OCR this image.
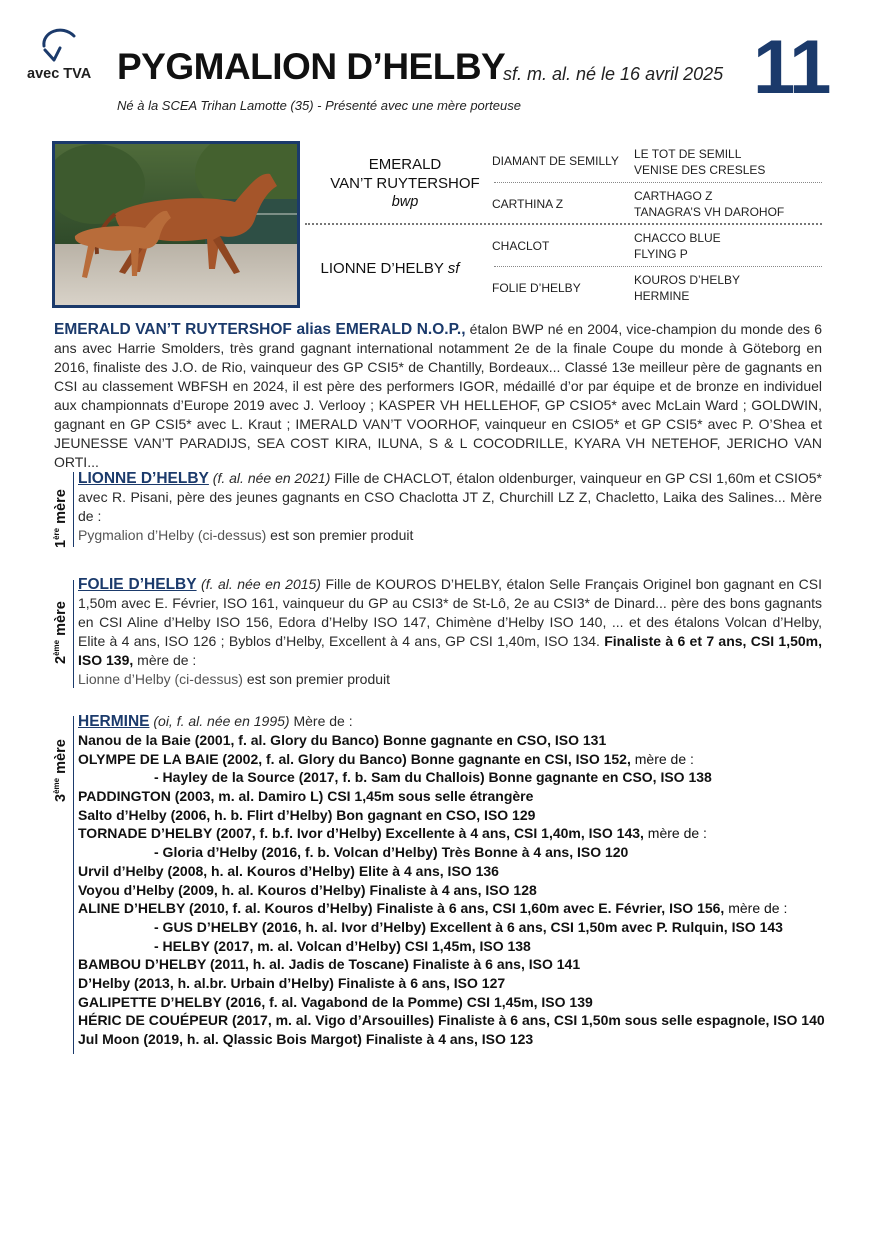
avec TVA PYGMALION D’HELBY
sf. m. al. né le 16 avril 2025 11
Né à la SCEA Trihan Lamotte (35) - Présenté avec une mère porteuse
EMERALD
VAN’T RUYTERSHOF
bwp
LIONNE D’HELBY sf
DIAMANT DE SEMILLY
CARTHINA Z
CHACLOT
FOLIE D’HELBY
LE TOT DE SEMILL
VENISE DES CRESLES
CARTHAGO Z
TANAGRA’S VH DAROHOF
CHACCO BLUE
FLYING P
KOUROS D’HELBY
HERMINE
EMERALD VAN’T RUYTERSHOF alias EMERALD N.O.P., étalon BWP né en 2004, vice-champion du monde des 6 ans avec Harrie Smolders, très grand gagnant international notamment 2e de la finale Coupe du monde à Göteborg en 2016, finaliste des J.O. de Rio, vainqueur des GP CSI5* de Chantilly, Bordeaux... Classé 13e meilleur père de gagnants en CSI au classement WBFSH en 2024, il est père des performers IGOR, médaillé d’or par équipe et de bronze en individuel aux championnats d’Europe 2019 avec J. Verlooy ; KASPER VH HELLEHOF, GP CSIO5* avec McLain Ward ; GOLDWIN, gagnant en GP CSI5* avec L. Kraut ; IMERALD VAN’T VOORHOF, vainqueur en CSIO5* et GP CSI5* avec P. O’Shea et JEUNESSE VAN’T PARADIJS, SEA COST KIRA, ILUNA, S & L COCODRILLE, KYARA VH NETEHOF, JERICHO VAN ORTI...
1ère mère
LIONNE D’HELBY (f. al. née en 2021) Fille de CHACLOT, étalon oldenburger, vainqueur en GP CSI 1,60m et CSIO5* avec R. Pisani, père des jeunes gagnants en CSO Chaclotta JT Z, Churchill LZ Z, Chacletto, Laika des Salines... Mère de :
Pygmalion d’Helby (ci-dessus) est son premier produit
2ème mère
FOLIE D’HELBY (f. al. née en 2015) Fille de KOUROS D’HELBY, étalon Selle Français Originel bon gagnant en CSI 1,50m avec E. Février, ISO 161, vainqueur du GP au CSI3* de St-Lô, 2e au CSI3* de Dinard... père des bons gagnants en CSI Aline d’Helby ISO 156, Edora d’Helby ISO 147, Chimène d’Helby ISO 140, ... et des étalons Volcan d’Helby, Elite à 4 ans, ISO 126 ; Byblos d’Helby, Excellent à 4 ans, GP CSI 1,40m, ISO 134. Finaliste à 6 et 7 ans, CSI 1,50m, ISO 139, mère de :
Lionne d’Helby (ci-dessus) est son premier produit
3ème mère
HERMINE (oi, f. al. née en 1995) Mère de :
Nanou de la Baie (2001, f. al. Glory du Banco) Bonne gagnante en CSO, ISO 131
OLYMPE DE LA BAIE (2002, f. al. Glory du Banco) Bonne gagnante en CSI, ISO 152, mère de :
- Hayley de la Source (2017, f. b. Sam du Challois) Bonne gagnante en CSO, ISO 138
PADDINGTON (2003, m. al. Damiro L) CSI 1,45m sous selle étrangère
Salto d’Helby (2006, h. b. Flirt d’Helby) Bon gagnant en CSO, ISO 129
TORNADE D’HELBY (2007, f. b.f. Ivor d’Helby) Excellente à 4 ans, CSI 1,40m, ISO 143, mère de :
- Gloria d’Helby (2016, f. b. Volcan d’Helby) Très Bonne à 4 ans, ISO 120
Urvil d’Helby (2008, h. al. Kouros d’Helby) Elite à 4 ans, ISO 136
Voyou d’Helby (2009, h. al. Kouros d’Helby) Finaliste à 4 ans, ISO 128
ALINE D’HELBY (2010, f. al. Kouros d’Helby) Finaliste à 6 ans, CSI 1,60m avec E. Février, ISO 156, mère de :
- GUS D’HELBY (2016, h. al. Ivor d’Helby) Excellent à 6 ans, CSI 1,50m avec P. Rulquin, ISO 143
- HELBY (2017, m. al. Volcan d’Helby) CSI 1,45m, ISO 138
BAMBOU D’HELBY (2011, h. al. Jadis de Toscane) Finaliste à 6 ans, ISO 141
D’Helby (2013, h. al.br. Urbain d’Helby) Finaliste à 6 ans, ISO 127
GALIPETTE D’HELBY (2016, f. al. Vagabond de la Pomme) CSI 1,45m, ISO 139
HÉRIC DE COUÉPEUR (2017, m. al. Vigo d’Arsouilles) Finaliste à 6 ans, CSI 1,50m sous selle espagnole, ISO 140
Jul Moon (2019, h. al. Qlassic Bois Margot) Finaliste à 4 ans, ISO 123
